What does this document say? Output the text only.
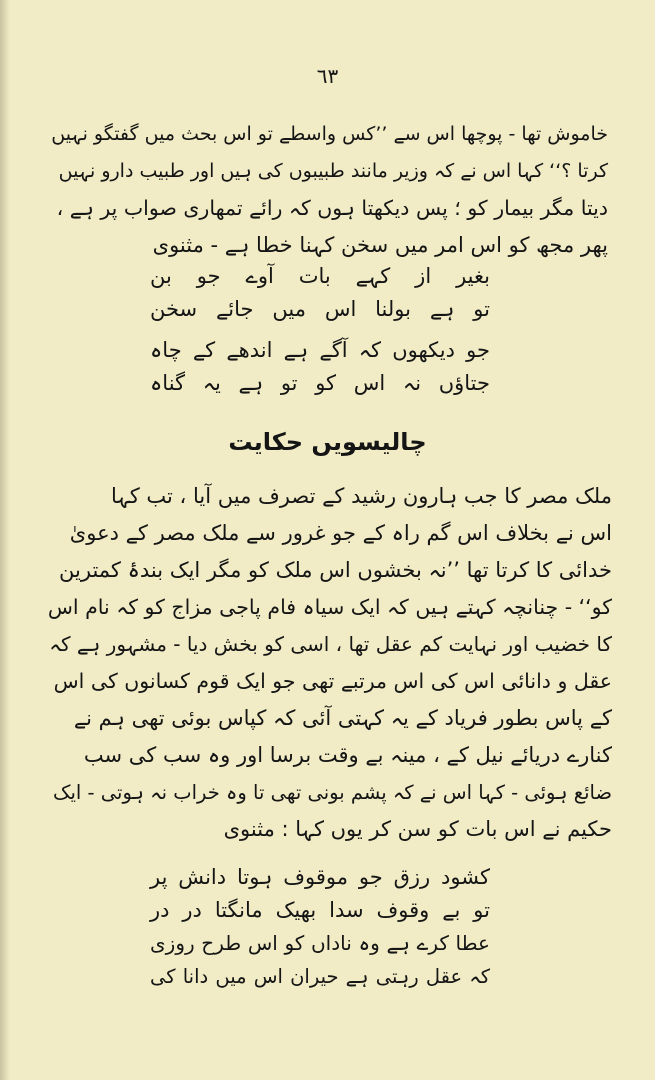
٦٣
خاموش تھا - پوچھا اس سے ’’کس واسطے تو اس بحث میں گفتگو نہیں
کرتا ؟‘‘ کہا اس نے کہ وزیر مانند طبیبوں کی ہیں اور طبیب دارو نہیں
دیتا مگر بیمار کو ؛ پس دیکھتا ہوں کہ رائے تمھاری صواب پر ہے ،
پھر مجھ کو اس امر میں سخن کہنا خطا ہے - مثنوی
بغیر از کہے بات آوے جو بن
تو ہے بولنا اس میں جائے سخن
جو دیکھوں کہ آگے ہے اندھے کے چاہ
جتاؤں نہ اس کو تو ہے یہ گناہ
چالیسویں حکایت
ملک مصر کا جب ہارون رشید کے تصرف میں آیا ، تب کہا
اس نے بخلاف اس گم راہ کے جو غرور سے ملک مصر کے دعویٰ
خدائی کا کرتا تھا ’’نہ بخشوں اس ملک کو مگر ایک بندۂ کمترین
کو‘‘ - چنانچہ کہتے ہیں کہ ایک سیاہ فام پاجی مزاج کو کہ نام اس
کا خضیب اور نہایت کم عقل تھا ، اسی کو بخش دیا - مشہور ہے کہ
عقل و دانائی اس کی اس مرتبے تھی جو ایک قوم کسانوں کی اس
کے پاس بطور فریاد کے یہ کہتی آئی کہ کپاس بوئی تھی ہم نے
کنارے دریائے نیل کے ، مینہ بے وقت برسا اور وہ سب کی سب
ضائع ہوئی - کہا اس نے کہ پشم بونی تھی تا وہ خراب نہ ہوتی - ایک
حکیم نے اس بات کو سن کر یوں کہا : مثنوی
کشود رزق جو موقوف ہوتا دانش پر
تو بے وقوف سدا بھیک مانگتا در در
عطا کرے ہے وہ ناداں کو اس طرح روزی
کہ عقل رہتی ہے حیران اس میں دانا کی
